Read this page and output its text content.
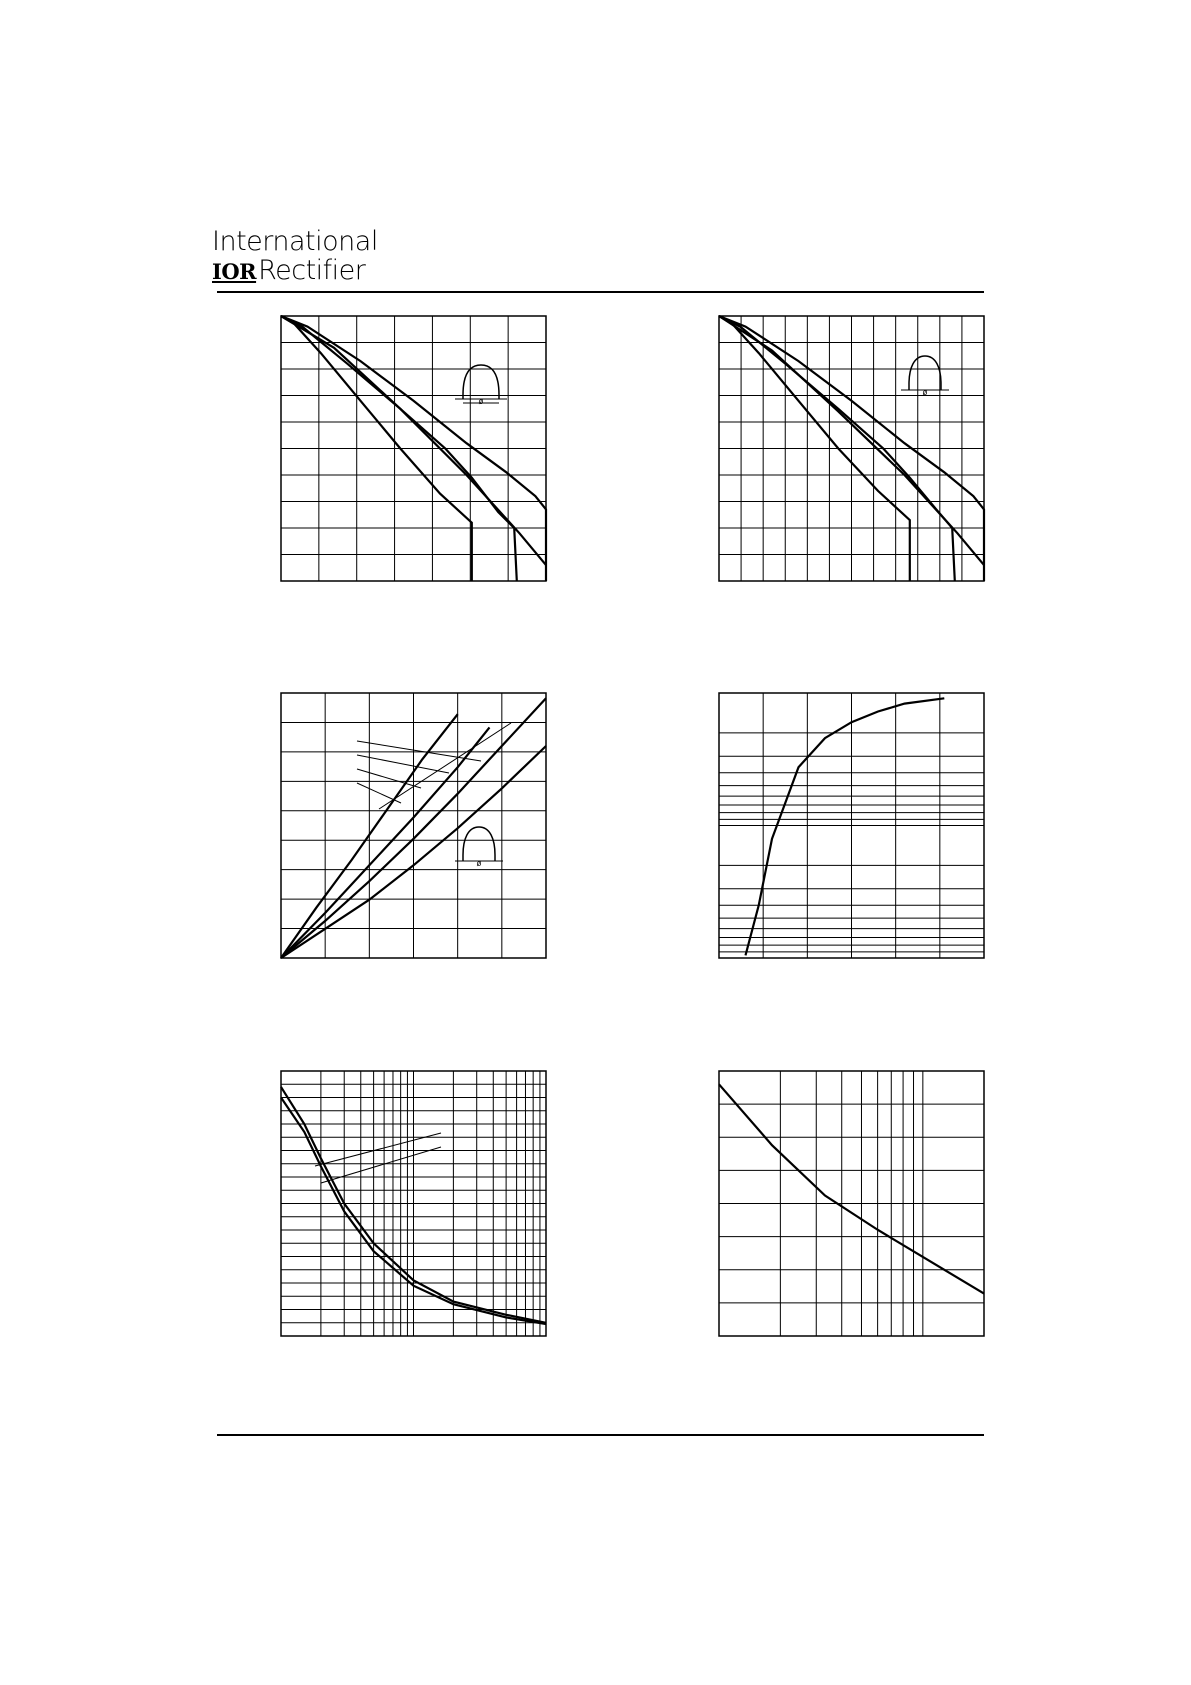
International
IORRectifier
ø
ø
ø
